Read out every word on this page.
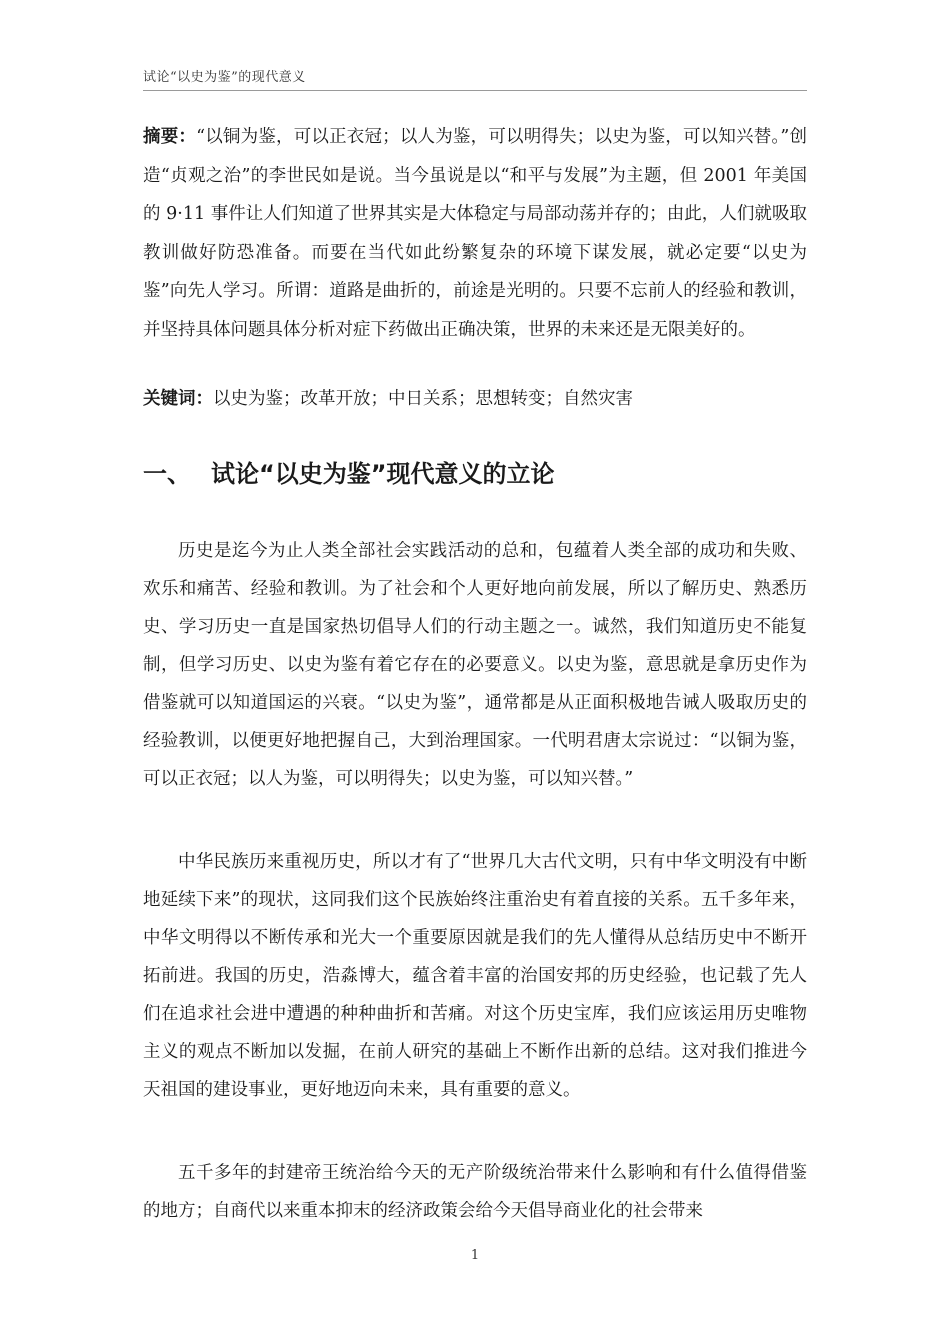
试论“以史为鉴”的现代意义

摘要：“以铜为鉴，可以正衣冠；以人为鉴，可以明得失；以史为鉴，可以知兴替。”创造“贞观之治”的李世民如是说。当今虽说是以“和平与发展”为主题，但 2001 年美国的 9·11 事件让人们知道了世界其实是大体稳定与局部动荡并存的；由此，人们就吸取教训做好防恐准备。而要在当代如此纷繁复杂的环境下谋发展，就必定要“以史为鉴”向先人学习。所谓：道路是曲折的，前途是光明的。只要不忘前人的经验和教训，并坚持具体问题具体分析对症下药做出正确决策，世界的未来还是无限美好的。

关键词：以史为鉴；改革开放；中日关系；思想转变；自然灾害

一、 试论“以史为鉴”现代意义的立论

历史是迄今为止人类全部社会实践活动的总和，包蕴着人类全部的成功和失败、欢乐和痛苦、经验和教训。为了社会和个人更好地向前发展，所以了解历史、熟悉历史、学习历史一直是国家热切倡导人们的行动主题之一。诚然，我们知道历史不能复制，但学习历史、以史为鉴有着它存在的必要意义。以史为鉴，意思就是拿历史作为借鉴就可以知道国运的兴衰。“以史为鉴”，通常都是从正面积极地告诫人吸取历史的经验教训，以便更好地把握自己，大到治理国家。一代明君唐太宗说过：“以铜为鉴，可以正衣冠；以人为鉴，可以明得失；以史为鉴，可以知兴替。”

中华民族历来重视历史，所以才有了“世界几大古代文明，只有中华文明没有中断地延续下来”的现状，这同我们这个民族始终注重治史有着直接的关系。五千多年来，中华文明得以不断传承和光大一个重要原因就是我们的先人懂得从总结历史中不断开拓前进。我国的历史，浩淼博大，蕴含着丰富的治国安邦的历史经验，也记载了先人们在追求社会进中遭遇的种种曲折和苦痛。对这个历史宝库，我们应该运用历史唯物主义的观点不断加以发掘，在前人研究的基础上不断作出新的总结。这对我们推进今天祖国的建设事业，更好地迈向未来，具有重要的意义。

五千多年的封建帝王统治给今天的无产阶级统治带来什么影响和有什么值得借鉴的地方；自商代以来重本抑末的经济政策会给今天倡导商业化的社会带来

1
